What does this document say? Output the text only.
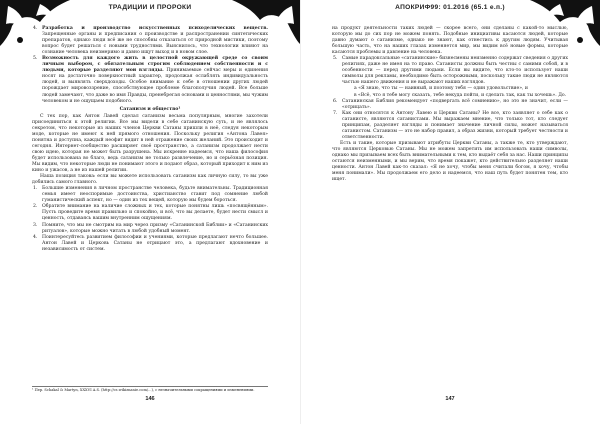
ТРАДИЦИИ И ПРОРОКИ

4. Разработка и производство искусственных психоделических веществ. Запрещенные органы и предписания о производстве и распространении синтетических препаратов, однако люди всё же не способны отказаться от природной мистики, поэтому вопрос будет решаться с новыми трудностями. Выяснилось, что технологии влияют на сознание человека неизмеримо и давно ищут выход и в новом слое.

5. Возможность для каждого жить в целостной окружающей среде со своим личным выбором, с обязательным строгим соблюдением собственности и с людьми, которые разделяют мои взгляды. Принимаемые сейчас меры и единения носят на достаточно поверхностный характер, продолжая ослаблять индивидуальность людей, и выявлять сверхдоходы. Особое внимание к себе в отношении других людей порождает мировоззрение, способствующее проблеме благополучия людей. Все больше людей замечают, что даже во имя Правды, пренебрегая основами и ценностями, мы чужим человеком и не ощущаем подобного.

Сатанизм и общество¹

С тех пор, как Антон Лавей сделал сатанизм весьма популярным, многие захотели присоединиться к этой религии. Все мы видели в себе сатанинскую суть, и не являлось секретом, что некоторые из наших членов Церкви Сатаны пришли в неё, следуя некоторым моде, которые не имеют к ней прямого отношения. Поскольку религия «Антона Лавея» понятна и доступна, каждый неофит видит в ней отражение своих желаний. Это происходит и сегодня. Интернет-сообщество расширяет своё пространство, а сатанизм продолжает нести свою идею, которая не может быть разрушена. Мы искренне надеемся, что наша философия будет использована во благо, ведь сатанизм не только развлечение, но и серьёзная позиция. Мы видим, что некоторые люди не понимают этого и подают образ, который приходит к ним из кино и ужасов, а не из нашей религии.

Наша позиция такова: если вы можете использовать сатанизм как личную силу, то вы уже добились самого главного.

1. Большие изменения в личном пространстве человека, будьте внимательны. Традиционная семья имеет неоспоримые достоинства, христианство ставит под сомнение любой гуманистический аспект, но — один из тех вещей, которую мы будем бороться.

2. Обратите внимание на наличие сложных и тех, которые понятны лишь «посвящённым». Пусть проведите время правильно и спокойно, и всё, что вы делаете, будет нести смысл и ценность, отдаваясь вашим внутренним ощущениям.

3. Помните, что мы не смотрим на мир через призму «Сатанинской Библии» и «Сатанинских ритуалов», которые можно читать в любой удобный момент.

4. Поинтересуйтесь развитием философии и учениями, которые предлагают нечто большее. Антон Лавей и Церковь Сатаны не отрицают это, а предлагают вдохновение и независимость от систем.

¹ Пер. Schakal & Martyn, XXXVI A.S. (http://cs.wikiznanie.com/...), с незначительными сокращениями и изменениями.
146
АПОКРИФ99: 01.2016 (65.1 е.п.)

на продукт деятельности таких людей — скорее всего, они сделаны с какой-то мыслью, которую мы до сих пор не можем понять. Подобные инициативы касаются людей, которые давно думают о сатанизме, однако не знают, как отнестись к другим людям. Учитывая большую часть, что на наших глазах изменяется мир, мы видим всё новые формы, которые касаются проблемы и давление на человека.

5. Самые парадоксальные «сатанинские» бизнесмены неизменно содержат сведения о других религиях, даже не имея на то право. Сатанисты должны быть честны с самими собой, и в особенности — перед другими людьми. Если вы видите, что кто-то использует наши символы для рекламы, необходимо быть осторожными, поскольку такие люди не являются частью нашего движения и не выражают наших взглядов.

а «Я знаю, что ты — наивный, и поэтому тебя — один удовольствие», и

в «Всё, что я тебе могу сказать, тебе некуда пойти, и сделать так, как ты хочешь». До.

6. Сатанинская Библия рекомендует «подвергать всё сомнению», но это не значит, если — «отрицать».

7. Как они относятся к Антону Лавею и Церкви Сатаны? Не все, кто заявляет о себе как о сатанисте, являются сатанистами. Мы выражаем мнение, что только тот, кто следует принципам, разделяет взгляды и понимает значение личной силы, может называться сатанистом. Сатанизм — это не набор правил, а образ жизни, который требует честности и ответственности.

Есть и такие, которые призывают атрибуты Церкви Сатаны, а также те, кто утверждают, что являются Церковью Сатаны. Мы не можем запретить им использовать наши символы, однако мы призываем всех быть внимательными к тем, кто выдаёт себя за нас. Наши принципы остаются неизменными, и мы верим, что время покажет, кто действительно разделяет наши ценности. Антон Лавей как-то сказал: «Я не хочу, чтобы меня считали богом, я хочу, чтобы меня понимали». Мы продолжаем его дело и надеемся, что наш путь будет понятен тем, кто ищет.

147
